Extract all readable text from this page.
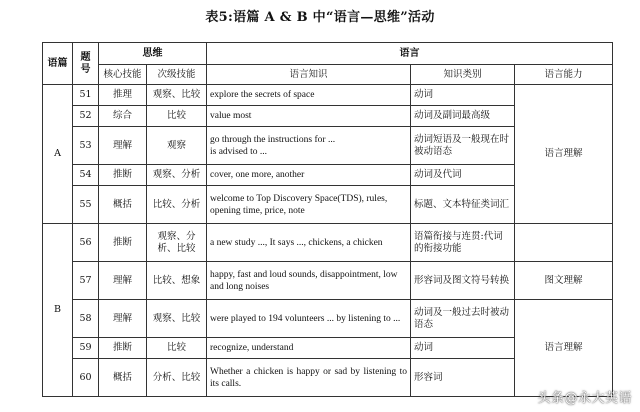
表5:语篇 A & B 中“语言—思维”活动
语篇	题号	思维		语言		
		核心技能	次级技能	语言知识	知识类别	语言能力
A	51	推理	观察、比较	explore the secrets of space	动词	语言理解
	52	综合	比较	value most	动词及副词最高级	
	53	理解	观察	go through the instructions for ...
is advised to ...	动词短语及一般现在时被动语态	
	54	推断	观察、分析	cover, one more, another	动词及代词	
	55	概括	比较、分析	welcome to Top Discovery Space(TDS), rules, opening time, price, note	标题、文本特征类词汇	
B	56	推断	观察、分析、比较	a new study ..., It says ..., chickens, a chicken	语篇衔接与连贯:代词的衔接功能	
	57	理解	比较、想象	happy, fast and loud sounds, disappointment, low and long noises	形容词及图文符号转换	图文理解
	58	理解	观察、比较	were played to 194 volunteers ... by listening to ...	动词及一般过去时被动语态	语言理解
	59	推断	比较	recognize, understand	动词	
	60	概括	分析、比较	Whether a chicken is happy or sad by listening to its calls.	形容词	
头条@永大英语
